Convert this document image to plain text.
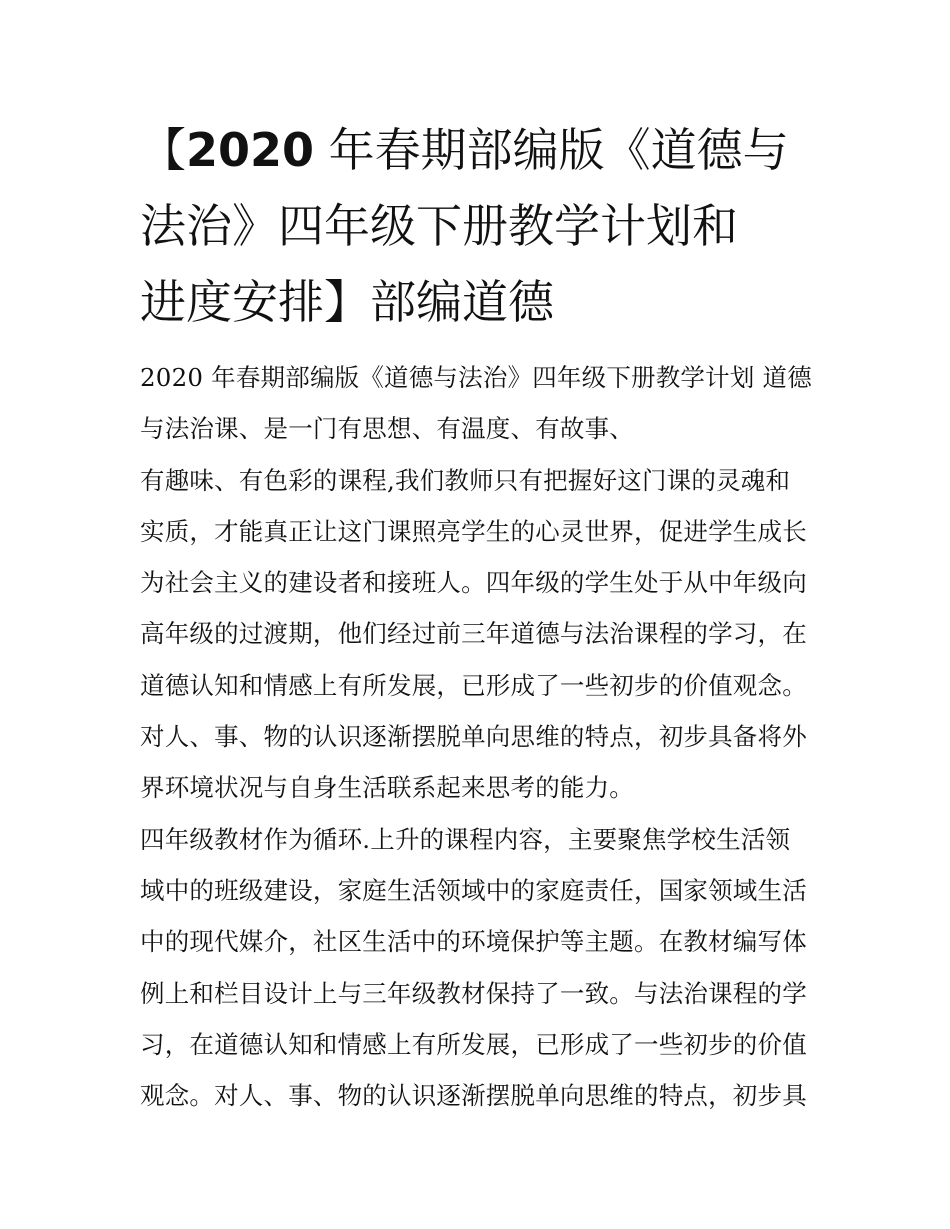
【2020 年春期部编版《道德与
法治》四年级下册教学计划和
进度安排】部编道德
2020 年春期部编版《道德与法治》四年级下册教学计划 道德
与法治课、是一门有思想、有温度、有故事、
有趣味、有色彩的课程,我们教师只有把握好这门课的灵魂和
实质，才能真正让这门课照亮学生的心灵世界，促进学生成长
为社会主义的建设者和接班人。四年级的学生处于从中年级向
高年级的过渡期，他们经过前三年道德与法治课程的学习，在
道德认知和情感上有所发展，已形成了一些初步的价值观念。
对人、事、物的认识逐渐摆脱单向思维的特点，初步具备将外
界环境状况与自身生活联系起来思考的能力。
四年级教材作为循环.上升的课程内容，主要聚焦学校生活领
域中的班级建设，家庭生活领域中的家庭责任，国家领域生活
中的现代媒介，社区生活中的环境保护等主题。在教材编写体
例上和栏目设计上与三年级教材保持了一致。与法治课程的学
习，在道德认知和情感上有所发展，已形成了一些初步的价值
观念。对人、事、物的认识逐渐摆脱单向思维的特点，初步具
